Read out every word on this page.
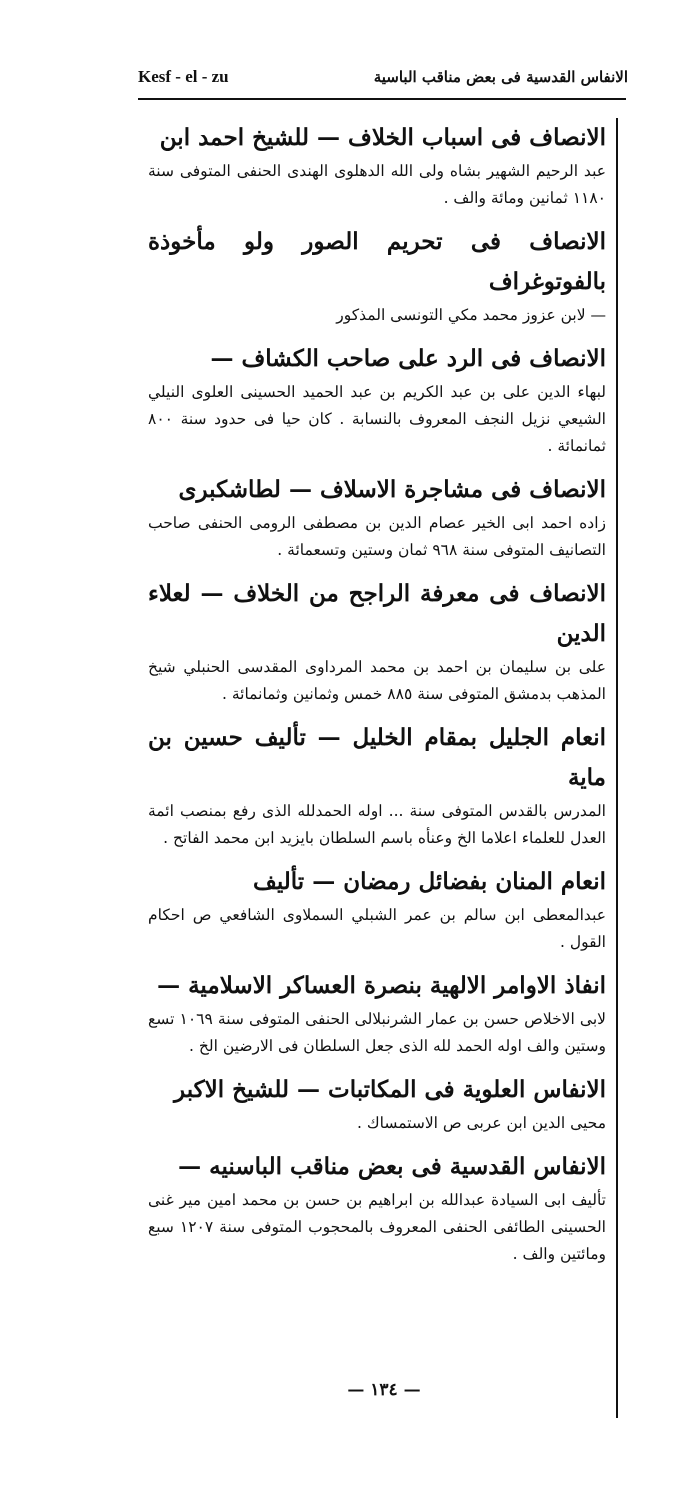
Kesf - el - zu	الانفاس القدسية فى بعض مناقب الباسية
الانصاف فى اسباب الخلاف — للشيخ احمد ابن
عبد الرحيم الشهير بشاه ولى الله الدهلوى الهندى الحنفى المتوفى سنة ١١٨٠ ثمانين ومائة والف .
الانصاف فى تحريم الصور ولو مأخوذة بالفوتوغراف
— لابن عزوز محمد مكي التونسى المذكور
الانصاف فى الرد على صاحب الكشاف —
لبهاء الدين على بن عبد الكريم بن عبد الحميد الحسينى العلوى النيلي الشيعي نزيل النجف المعروف بالنسابة . كان حيا فى حدود سنة ٨٠٠ ثمانمائة .
الانصاف فى مشاجرة الاسلاف — لطاشكبرى
زاده احمد ابى الخير عصام الدين بن مصطفى الرومى الحنفى صاحب التصانيف المتوفى سنة ٩٦٨ ثمان وستين وتسعمائة .
الانصاف فى معرفة الراجح من الخلاف — لعلاء الدين
على بن سليمان بن احمد بن محمد المرداوى المقدسى الحنبلي شيخ المذهب بدمشق المتوفى سنة ٨٨٥ خمس وثمانين وثمانمائة .
انعام الجليل بمقام الخليل — تأليف حسين بن ماية
المدرس بالقدس المتوفى سنة ... اوله الحمدلله الذى رفع بمنصب ائمة العدل للعلماء اعلاما الخ وعنأه باسم السلطان بايزيد ابن محمد الفاتح .
انعام المنان بفضائل رمضان — تأليف
عبدالمعطى ابن سالم بن عمر الشبلي السملاوى الشافعي ص احكام القول .
انفاذ الاوامر الالهية بنصرة العساكر الاسلامية —
لابى الاخلاص حسن بن عمار الشرنبلالى الحنفى المتوفى سنة ١٠٦٩ تسع وستين والف اوله الحمد لله الذى جعل السلطان فى الارضين الخ .
الانفاس العلوية فى المكاتبات — للشيخ الاكبر
محيى الدين ابن عربى ص الاستمساك .
الانفاس القدسية فى بعض مناقب الباسنيه —
تأليف ابى السيادة عبدالله بن ابراهيم بن حسن بن محمد امين مير غنى الحسينى الطائفى الحنفى المعروف بالمحجوب المتوفى سنة ١٢٠٧ سبع ومائتين والف .
— ١٣٤ —
